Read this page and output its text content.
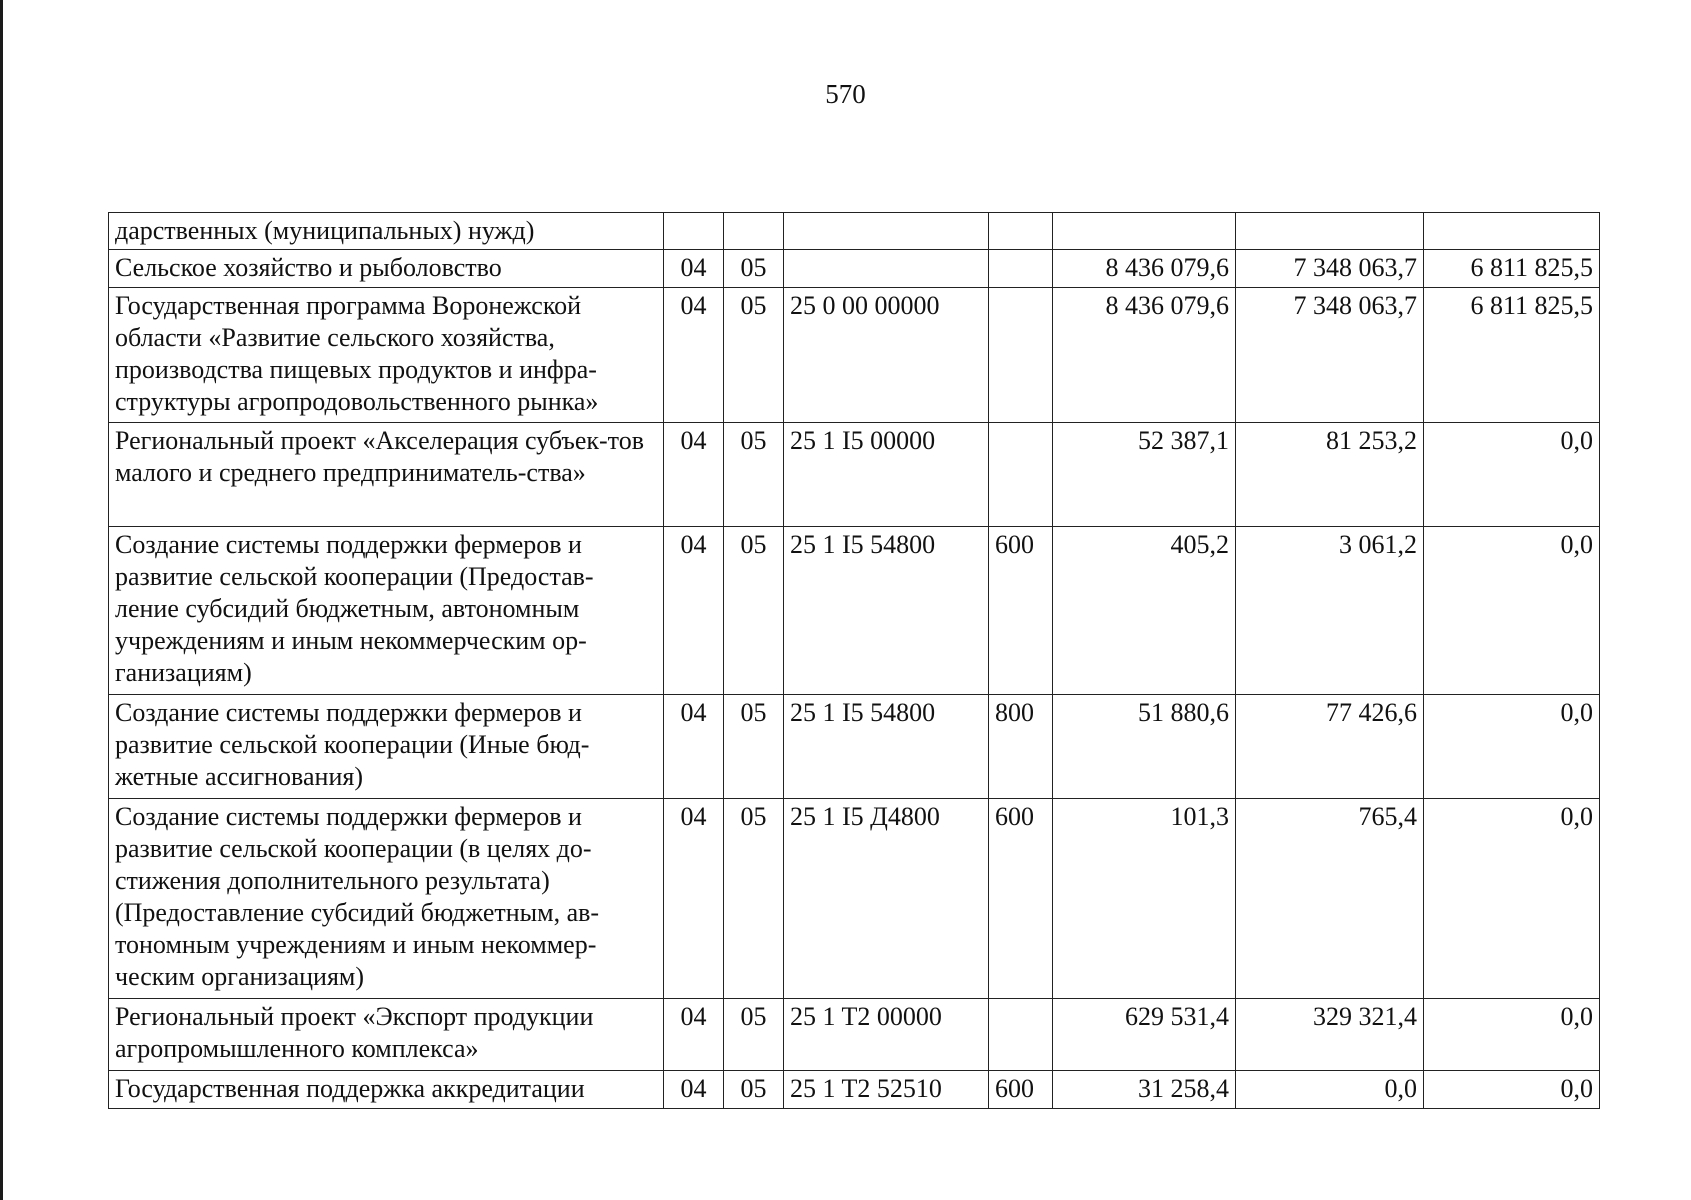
570
дарственных (муниципальных) нужд)							
Сельское хозяйство и рыболовство	04	05			8 436 079,6	7 348 063,7	6 811 825,5
Государственная программа Воронежской области «Развитие сельского хозяйства, производства пищевых продуктов и инфра-структуры агропродовольственного рынка»	04	05	25 0 00 00000		8 436 079,6	7 348 063,7	6 811 825,5
Региональный проект «Акселерация субъек-тов малого и среднего предприниматель-ства»	04	05	25 1 I5 00000		52 387,1	81 253,2	0,0
Создание системы поддержки фермеров и развитие сельской кооперации (Предостав-ление субсидий бюджетным, автономным учреждениям и иным некоммерческим ор-ганизациям)	04	05	25 1 I5 54800	600	405,2	3 061,2	0,0
Создание системы поддержки фермеров и развитие сельской кооперации (Иные бюд-жетные ассигнования)	04	05	25 1 I5 54800	800	51 880,6	77 426,6	0,0
Создание системы поддержки фермеров и развитие сельской кооперации (в целях до-стижения дополнительного результата) (Предоставление субсидий бюджетным, ав-тономным учреждениям и иным некоммер-ческим организациям)	04	05	25 1 I5 Д4800	600	101,3	765,4	0,0
Региональный проект «Экспорт продукции агропромышленного комплекса»	04	05	25 1 T2 00000		629 531,4	329 321,4	0,0
Государственная поддержка аккредитации	04	05	25 1 T2 52510	600	31 258,4	0,0	0,0
